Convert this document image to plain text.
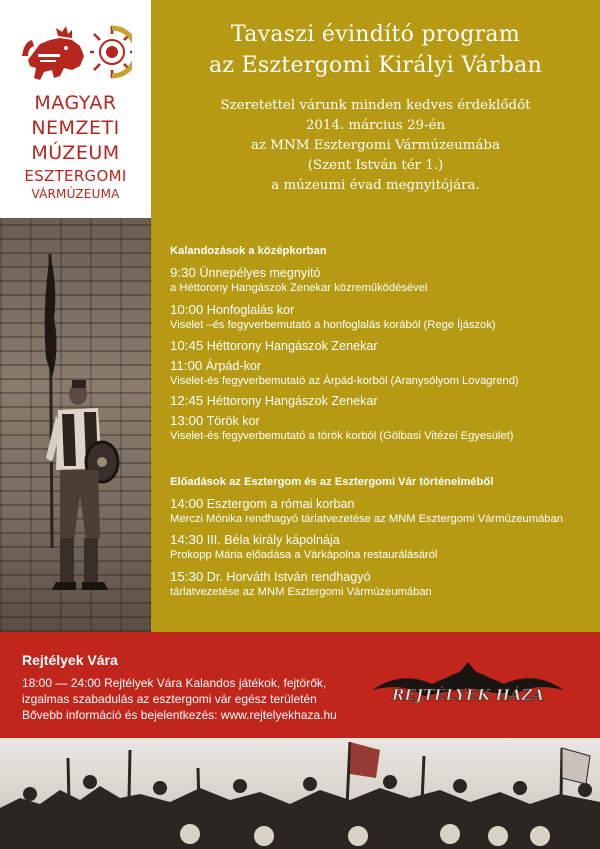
MAGYAR
NEMZETI
MÚZEUM
ESZTERGOMI
VÁRMÚZEUMA
Tavaszi évindító program
az Esztergomi Királyi Várban
Szeretettel várunk minden kedves érdeklődőt
2014. március 29-én
az MNM Esztergomi Vármúzeumába
(Szent István tér 1.)
a múzeumi évad megnyitójára.
Kalandozások a középkorban
9:30 Ünnepélyes megnyitó
a Héttorony Hangászok Zenekar közreműködésével
10:00 Honfoglalás kor
Viselet –és fegyverbemutató a honfoglalás korából (Rege Íjászok)
10:45 Héttorony Hangászok Zenekar
11:00 Árpád-kor
Viselet-és fegyverbemutató az Árpád-korból (Aranysólyom Lovagrend)
12:45 Héttorony Hangászok Zenekar
13:00 Török kor
Viselet-és fegyverbemutató a török korból (Gölbasi Vitézei Egyesület)
Előadások az Esztergom és az Esztergomi Vár történelméből
14:00 Esztergom a római korban
Merczi Mónika rendhagyó tárlatvezetése az MNM Esztergomi Vármúzeumában
14:30 III. Béla király kápolnája
Prokopp Mária előadása a Várkápolna restaurálásáról
15:30 Dr. Horváth István rendhagyó
tárlatvezetése az MNM Esztergomi Vármúzeumában
Rejtélyek Vára
18:00 — 24:00 Rejtélyek Vára Kalandos játékok, fejtörők,
izgalmas szabadulás az esztergomi vár egész területén
Bővebb információ és bejelentkezés: www.rejtelyekhaza.hu
REJTÉLYEK HÁZA
